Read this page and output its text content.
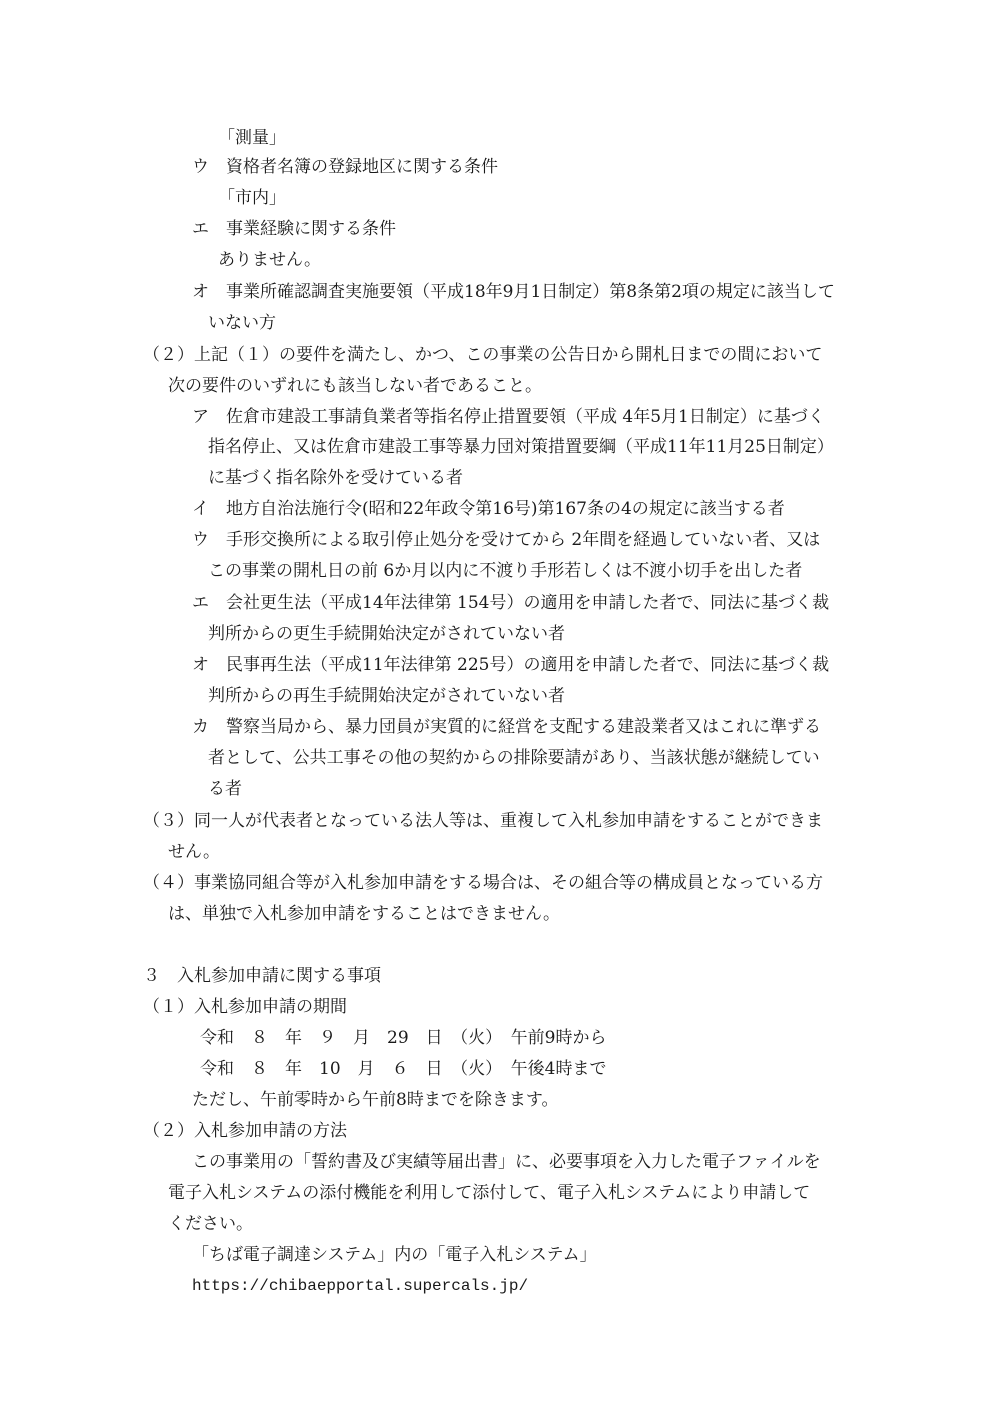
「測量」
ウ　資格者名簿の登録地区に関する条件
「市内」
エ　事業経験に関する条件
ありません。
オ　事業所確認調査実施要領（平成18年9月1日制定）第8条第2項の規定に該当して
いない方
（２）上記（１）の要件を満たし、かつ、この事業の公告日から開札日までの間において
次の要件のいずれにも該当しない者であること。
ア　佐倉市建設工事請負業者等指名停止措置要領（平成 4年5月1日制定）に基づく
指名停止、又は佐倉市建設工事等暴力団対策措置要綱（平成11年11月25日制定）
に基づく指名除外を受けている者
イ　地方自治法施行令(昭和22年政令第16号)第167条の4の規定に該当する者
ウ　手形交換所による取引停止処分を受けてから 2年間を経過していない者、又は
この事業の開札日の前 6か月以内に不渡り手形若しくは不渡小切手を出した者
エ　会社更生法（平成14年法律第 154号）の適用を申請した者で、同法に基づく裁
判所からの更生手続開始決定がされていない者
オ　民事再生法（平成11年法律第 225号）の適用を申請した者で、同法に基づく裁
判所からの再生手続開始決定がされていない者
カ　警察当局から、暴力団員が実質的に経営を支配する建設業者又はこれに準ずる
者として、公共工事その他の契約からの排除要請があり、当該状態が継続してい
る者
（３）同一人が代表者となっている法人等は、重複して入札参加申請をすることができま
せん。
（４）事業協同組合等が入札参加申請をする場合は、その組合等の構成員となっている方
は、単独で入札参加申請をすることはできません。
３　入札参加申請に関する事項
（１）入札参加申請の期間
令和　８　年　９　月　29　日　（火）　午前9時から
令和　８　年　10　月　６　日　（火）　午後4時まで
ただし、午前零時から午前8時までを除きます。
（２）入札参加申請の方法
この事業用の「誓約書及び実績等届出書」に、必要事項を入力した電子ファイルを
電子入札システムの添付機能を利用して添付して、電子入札システムにより申請して
ください。
「ちば電子調達システム」内の「電子入札システム」
https://chibaepportal.supercals.jp/
